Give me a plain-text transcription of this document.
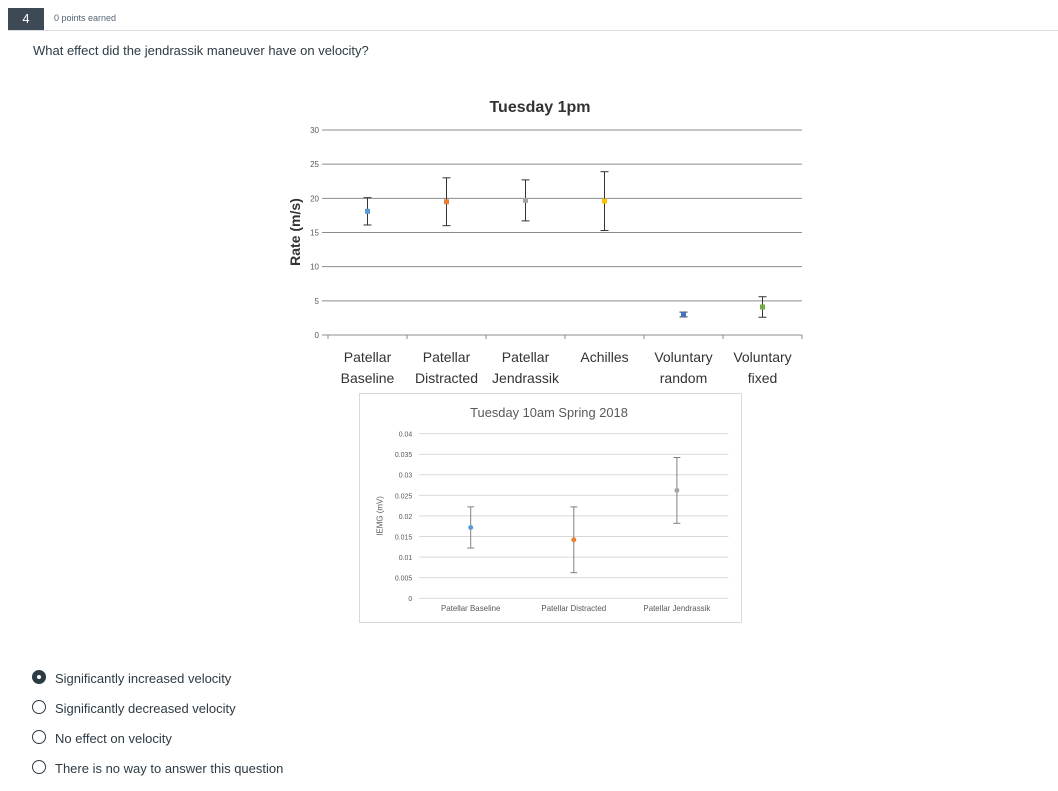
4	0 points earned
What effect did the jendrassik maneuver have on velocity?
Tuesday 1pm
Rate (m/s)
0
5
10
15
20
25
30
Patellar
Baseline
Patellar
Distracted
Patellar
Jendrassik
Achilles Voluntary
random
Voluntary
fixed
Tuesday 10am Spring 2018
IEMG (mV)
0
0.005
0.01
0.015
0.02
0.025
0.03
0.035
0.04
Patellar Baseline	Patellar Distracted	Patellar Jendrassik
Significantly increased velocity
Significantly decreased velocity
No effect on velocity
There is no way to answer this question
